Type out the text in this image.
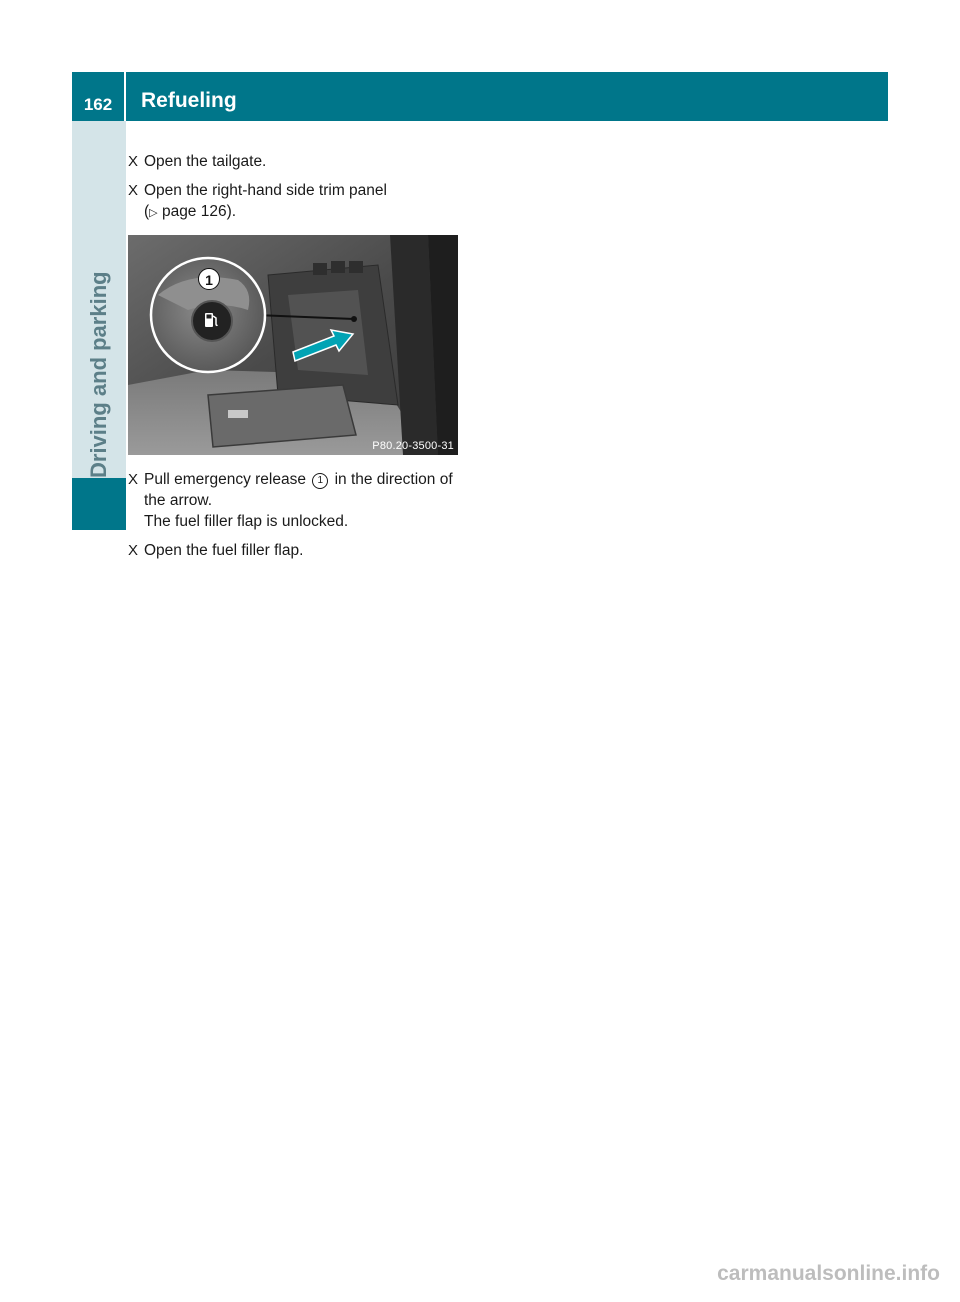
162	Refueling
Driving and parking
X Open the tailgate.
X Open the right-hand side trim panel
(▷ page 126).
X Pull emergency release 1 in the direction of the arrow.
The fuel filler flap is unlocked.
X Open the fuel filler flap.
1
P80.20-3500-31
carmanualsonline.info
